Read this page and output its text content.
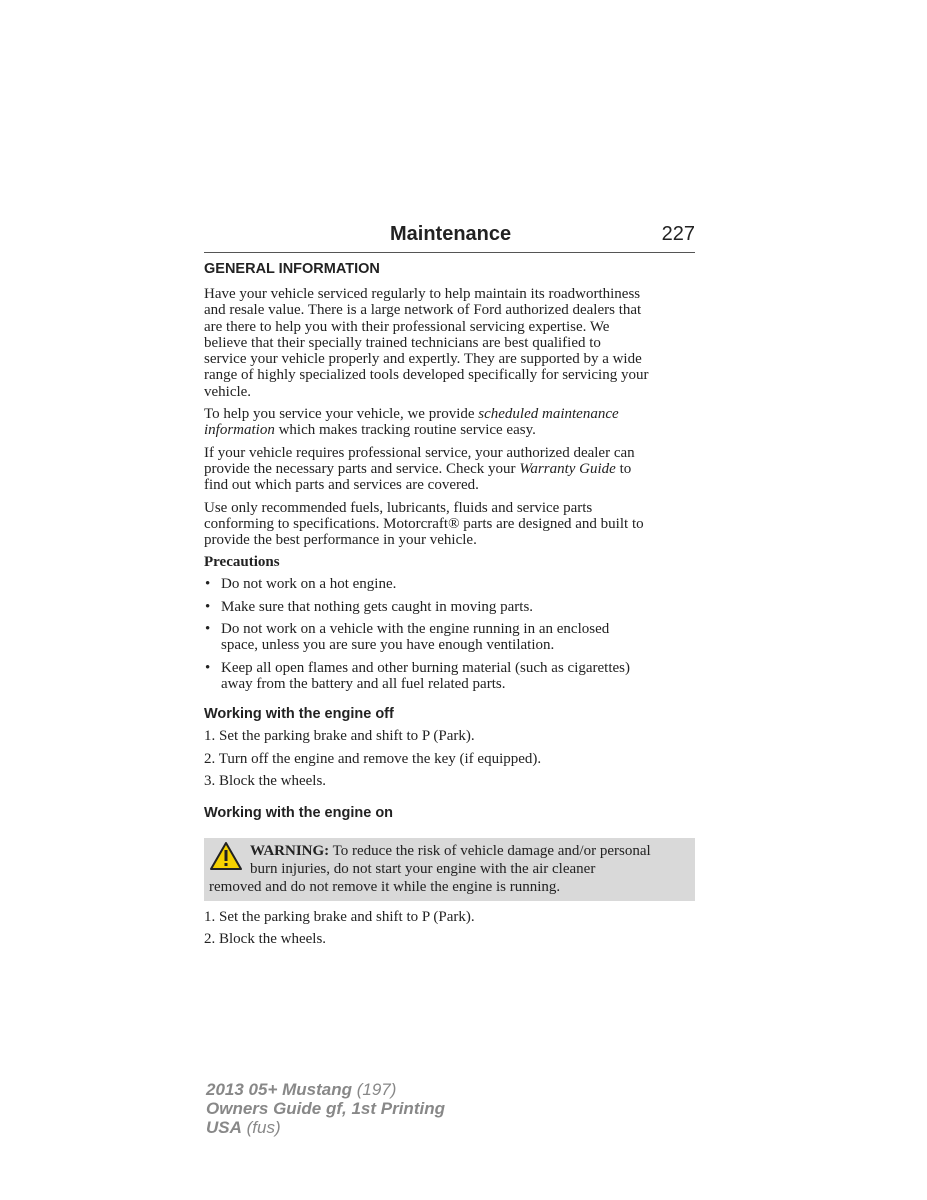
Maintenance	227
GENERAL INFORMATION

Have your vehicle serviced regularly to help maintain its roadworthiness
and resale value. There is a large network of Ford authorized dealers that
are there to help you with their professional servicing expertise. We
believe that their specially trained technicians are best qualified to
service your vehicle properly and expertly. They are supported by a wide
range of highly specialized tools developed specifically for servicing your
vehicle.

To help you service your vehicle, we provide scheduled maintenance
information which makes tracking routine service easy.

If your vehicle requires professional service, your authorized dealer can
provide the necessary parts and service. Check your Warranty Guide to
find out which parts and services are covered.

Use only recommended fuels, lubricants, fluids and service parts
conforming to specifications. Motorcraft® parts are designed and built to
provide the best performance in your vehicle.

Precautions
• Do not work on a hot engine.
• Make sure that nothing gets caught in moving parts.
• Do not work on a vehicle with the engine running in an enclosed
space, unless you are sure you have enough ventilation.
• Keep all open flames and other burning material (such as cigarettes)
away from the battery and all fuel related parts.
Working with the engine off
1. Set the parking brake and shift to P (Park).
2. Turn off the engine and remove the key (if equipped).
3. Block the wheels.
Working with the engine on
WARNING: To reduce the risk of vehicle damage and/or personal
burn injuries, do not start your engine with the air cleaner
removed and do not remove it while the engine is running.
1. Set the parking brake and shift to P (Park).
2. Block the wheels.
2013 05+ Mustang (197)
Owners Guide gf, 1st Printing
USA (fus)
